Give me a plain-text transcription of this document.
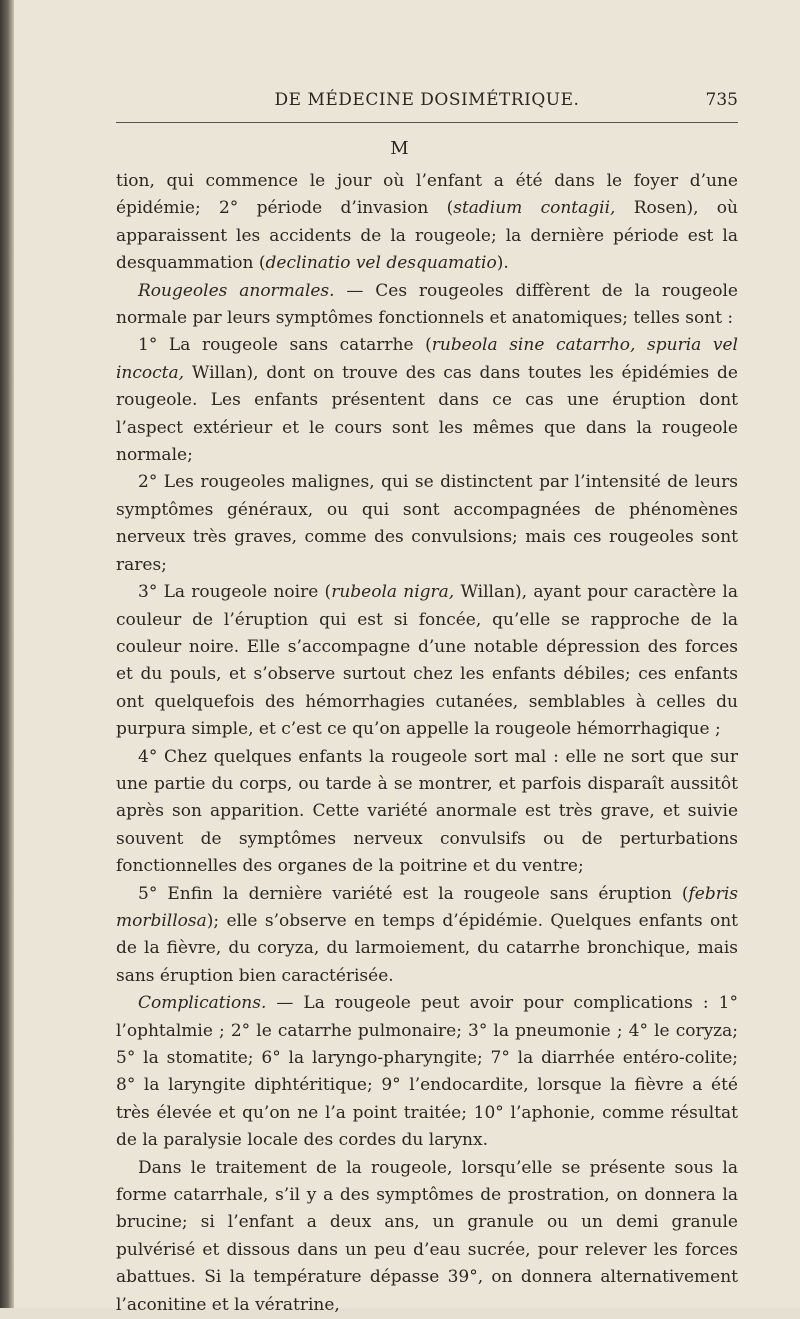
DE MÉDECINE DOSIMÉTRIQUE.	735
M

tion, qui commence le jour où l’enfant a été dans le foyer d’une épidémie; 2° période d’invasion (stadium contagii, Rosen), où apparaissent les accidents de la rougeole; la dernière période est la desquammation (declinatio vel desquamatio).

Rougeoles anormales. — Ces rougeoles diffèrent de la rougeole normale par leurs symptômes fonctionnels et anatomiques; telles sont :

1° La rougeole sans catarrhe (rubeola sine catarrho, spuria vel incocta, Willan), dont on trouve des cas dans toutes les épidémies de rougeole. Les enfants présentent dans ce cas une éruption dont l’aspect extérieur et le cours sont les mêmes que dans la rougeole normale;

2° Les rougeoles malignes, qui se distinctent par l’intensité de leurs symptômes généraux, ou qui sont accompagnées de phénomènes nerveux très graves, comme des convulsions; mais ces rougeoles sont rares;

3° La rougeole noire (rubeola nigra, Willan), ayant pour caractère la couleur de l’éruption qui est si foncée, qu’elle se rapproche de la couleur noire. Elle s’accompagne d’une notable dépression des forces et du pouls, et s’observe surtout chez les enfants débiles; ces enfants ont quelquefois des hémorrhagies cutanées, semblables à celles du purpura simple, et c’est ce qu’on appelle la rougeole hémorrhagique ;

4° Chez quelques enfants la rougeole sort mal : elle ne sort que sur une partie du corps, ou tarde à se montrer, et parfois disparaît aussitôt après son apparition. Cette variété anormale est très grave, et suivie souvent de symptômes nerveux convulsifs ou de perturbations fonctionnelles des organes de la poitrine et du ventre;

5° Enfin la dernière variété est la rougeole sans éruption (febris morbillosa); elle s’observe en temps d’épidémie. Quelques enfants ont de la fièvre, du coryza, du larmoiement, du catarrhe bronchique, mais sans éruption bien caractérisée.

Complications. — La rougeole peut avoir pour complications : 1° l’ophtalmie ; 2° le catarrhe pulmonaire; 3° la pneumonie ; 4° le coryza; 5° la stomatite; 6° la laryngo-pharyngite; 7° la diarrhée entéro-colite; 8° la laryngite diphtéritique; 9° l’endocardite, lorsque la fièvre a été très élevée et qu’on ne l’a point traitée; 10° l’aphonie, comme résultat de la paralysie locale des cordes du larynx.

Dans le traitement de la rougeole, lorsqu’elle se présente sous la forme catarrhale, s’il y a des symptômes de prostration, on donnera la brucine; si l’enfant a deux ans, un granule ou un demi granule pulvérisé et dissous dans un peu d’eau sucrée, pour relever les forces abattues. Si la température dépasse 39°, on donnera alternativement l’aconitine et la vératrine,
